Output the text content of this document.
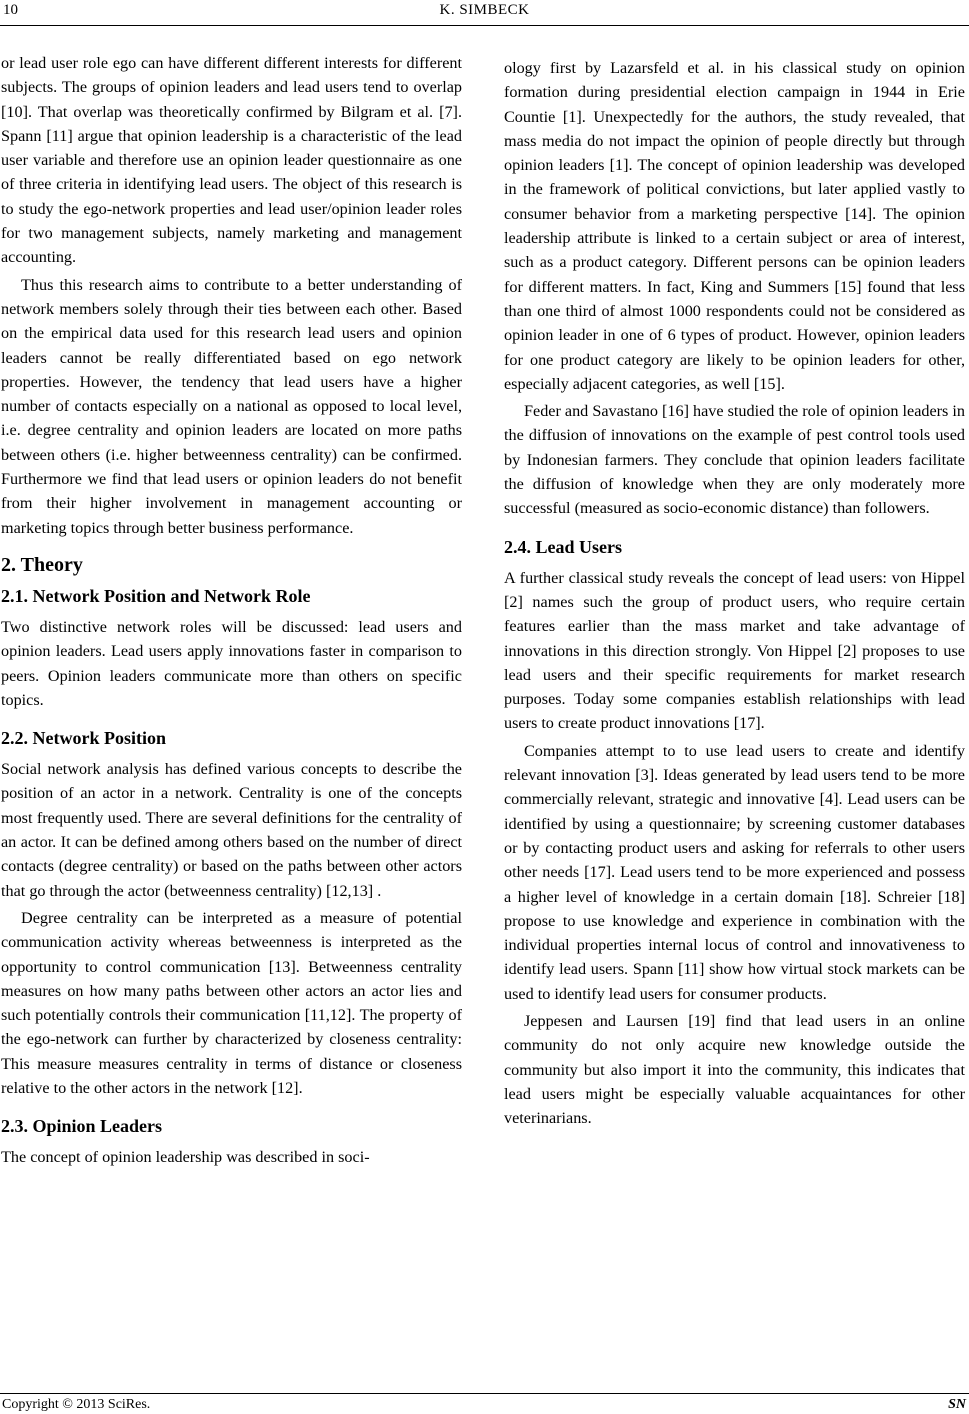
10	K. SIMBECK

or lead user role ego can have different different interests for different subjects. The groups of opinion leaders and lead users tend to overlap [10]. That overlap was theoretically confirmed by Bilgram et al. [7]. Spann [11] argue that opinion leadership is a characteristic of the lead user variable and therefore use an opinion leader questionnaire as one of three criteria in identifying lead users. The object of this research is to study the ego-network properties and lead user/opinion leader roles for two management subjects, namely marketing and management accounting.

Thus this research aims to contribute to a better understanding of network members solely through their ties between each other. Based on the empirical data used for this research lead users and opinion leaders cannot be really differentiated based on ego network properties. However, the tendency that lead users have a higher number of contacts especially on a national as opposed to local level, i.e. degree centrality and opinion leaders are located on more paths between others (i.e. higher betweenness centrality) can be confirmed. Furthermore we find that lead users or opinion leaders do not benefit from their higher involvement in management accounting or marketing topics through better business performance.

2. Theory
2.1. Network Position and Network Role

Two distinctive network roles will be discussed: lead users and opinion leaders. Lead users apply innovations faster in comparison to peers. Opinion leaders communicate more than others on specific topics.

2.2. Network Position

Social network analysis has defined various concepts to describe the position of an actor in a network. Centrality is one of the concepts most frequently used. There are several definitions for the centrality of an actor. It can be defined among others based on the number of direct contacts (degree centrality) or based on the paths between other actors that go through the actor (betweenness centrality) [12,13] .

Degree centrality can be interpreted as a measure of potential communication activity whereas betweenness is interpreted as the opportunity to control communication [13]. Betweenness centrality measures on how many paths between other actors an actor lies and such potentially controls their communication [11,12]. The property of the ego-network can further by characterized by closeness centrality: This measure measures centrality in terms of distance or closeness relative to the other actors in the network [12].

2.3. Opinion Leaders

The concept of opinion leadership was described in soci-

ology first by Lazarsfeld et al. in his classical study on opinion formation during presidential election campaign in 1944 in Erie Countie [1]. Unexpectedly for the authors, the study revealed, that mass media do not impact the opinion of people directly but through opinion leaders [1]. The concept of opinion leadership was developed in the framework of political convictions, but later applied vastly to consumer behavior from a marketing perspective [14]. The opinion leadership attribute is linked to a certain subject or area of interest, such as a product category. Different persons can be opinion leaders for different matters. In fact, King and Summers [15] found that less than one third of almost 1000 respondents could not be considered as opinion leader in one of 6 types of product. However, opinion leaders for one product category are likely to be opinion leaders for other, especially adjacent categories, as well [15].

Feder and Savastano [16] have studied the role of opinion leaders in the diffusion of innovations on the example of pest control tools used by Indonesian farmers. They conclude that opinion leaders facilitate the diffusion of knowledge when they are only moderately more successful (measured as socio-economic distance) than followers.

2.4. Lead Users

A further classical study reveals the concept of lead users: von Hippel [2] names such the group of product users, who require certain features earlier than the mass market and take advantage of innovations in this direction strongly. Von Hippel [2] proposes to use lead users and their specific requirements for market research purposes. Today some companies establish relationships with lead users to create product innovations [17].

Companies attempt to to use lead users to create and identify relevant innovation [3]. Ideas generated by lead users tend to be more commercially relevant, strategic and innovative [4]. Lead users can be identified by using a questionnaire; by screening customer databases or by contacting product users and asking for referrals to other users other needs [17]. Lead users tend to be more experienced and possess a higher level of knowledge in a certain domain [18]. Schreier [18] propose to use knowledge and experience in combination with the individual properties internal locus of control and innovativeness to identify lead users. Spann [11] show how virtual stock markets can be used to identify lead users for consumer products.

Jeppesen and Laursen [19] find that lead users in an online community do not only acquire new knowledge outside the community but also import it into the community, this indicates that lead users might be especially valuable acquaintances for other veterinarians.

Copyright © 2013 SciRes.	SN
